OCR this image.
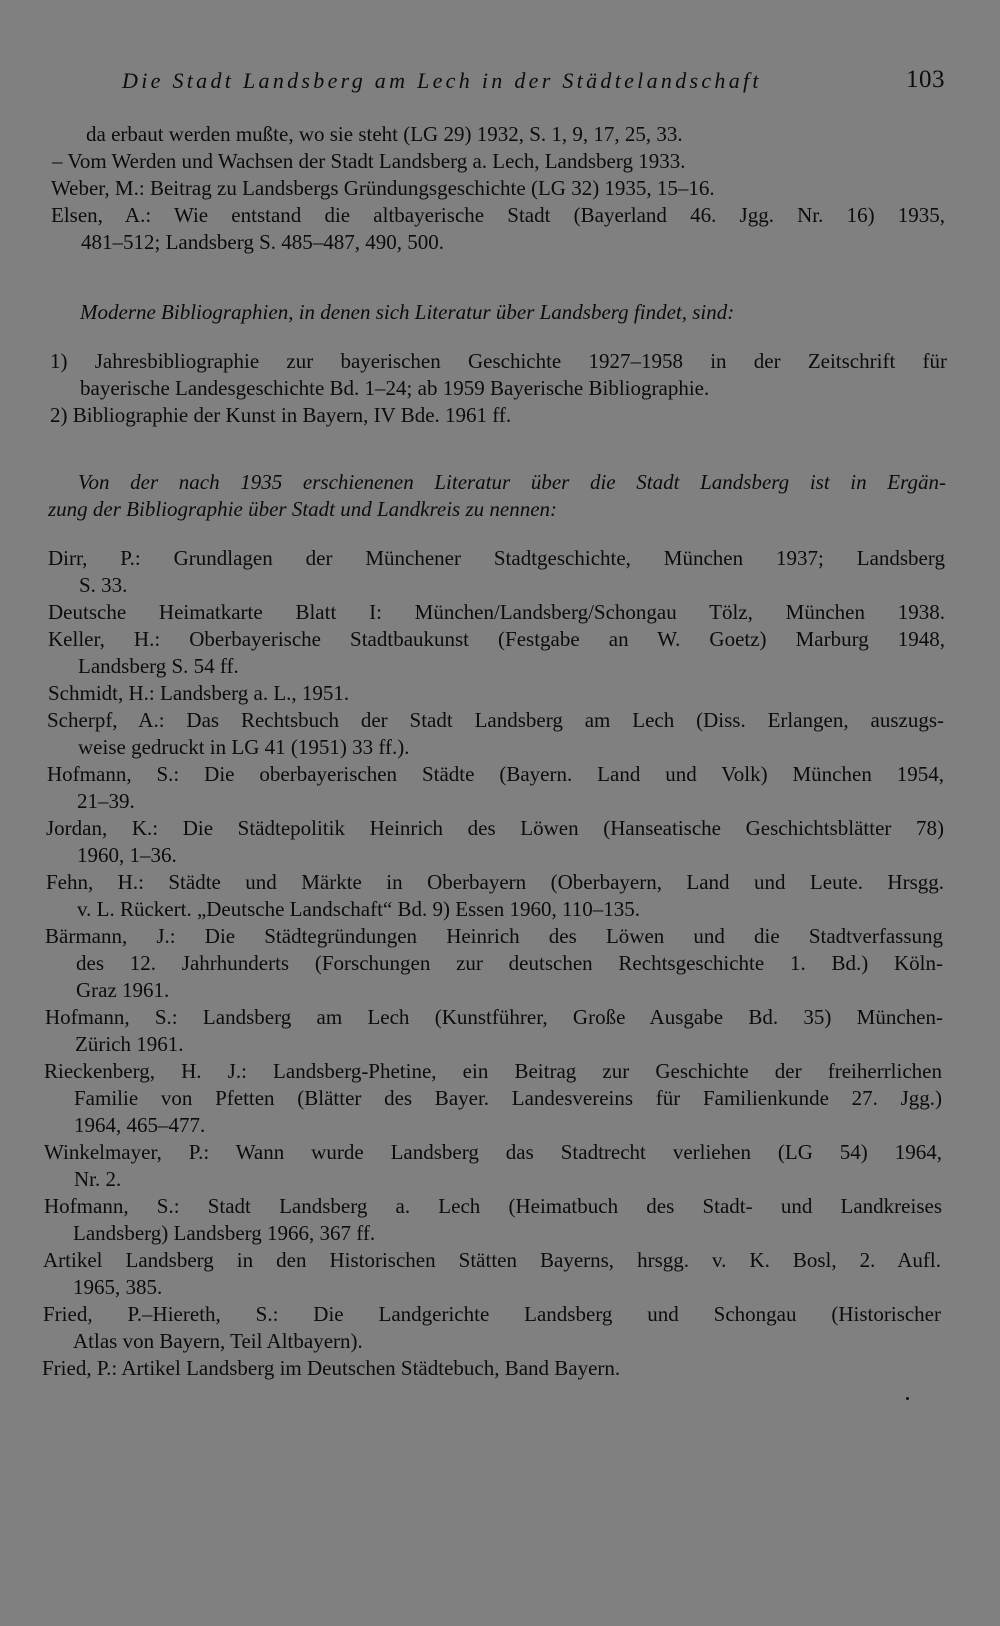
Die Stadt Landsberg am Lech in der Städtelandschaft	103
da erbaut werden mußte, wo sie steht (LG 29) 1932, S. 1, 9, 17, 25, 33.
– Vom Werden und Wachsen der Stadt Landsberg a. Lech, Landsberg 1933.
Weber, M.: Beitrag zu Landsbergs Gründungsgeschichte (LG 32) 1935, 15–16.
Elsen, A.: Wie entstand die altbayerische Stadt (Bayerland 46. Jgg. Nr. 16) 1935,
481–512; Landsberg S. 485–487, 490, 500.
Moderne Bibliographien, in denen sich Literatur über Landsberg findet, sind:
1) Jahresbibliographie zur bayerischen Geschichte 1927–1958 in der Zeitschrift für
bayerische Landesgeschichte Bd. 1–24; ab 1959 Bayerische Bibliographie.
2) Bibliographie der Kunst in Bayern, IV Bde. 1961 ff.
Von der nach 1935 erschienenen Literatur über die Stadt Landsberg ist in Ergän-
zung der Bibliographie über Stadt und Landkreis zu nennen:
Dirr, P.: Grundlagen der Münchener Stadtgeschichte, München 1937; Landsberg
S. 33.
Deutsche Heimatkarte Blatt I: München/Landsberg/Schongau Tölz, München 1938.
Keller, H.: Oberbayerische Stadtbaukunst (Festgabe an W. Goetz) Marburg 1948,
Landsberg S. 54 ff.
Schmidt, H.: Landsberg a. L., 1951.
Scherpf, A.: Das Rechtsbuch der Stadt Landsberg am Lech (Diss. Erlangen, auszugs-
weise gedruckt in LG 41 (1951) 33 ff.).
Hofmann, S.: Die oberbayerischen Städte (Bayern. Land und Volk) München 1954,
21–39.
Jordan, K.: Die Städtepolitik Heinrich des Löwen (Hanseatische Geschichtsblätter 78)
1960, 1–36.
Fehn, H.: Städte und Märkte in Oberbayern (Oberbayern, Land und Leute. Hrsgg.
v. L. Rückert. „Deutsche Landschaft“ Bd. 9) Essen 1960, 110–135.
Bärmann, J.: Die Städtegründungen Heinrich des Löwen und die Stadtverfassung
des 12. Jahrhunderts (Forschungen zur deutschen Rechtsgeschichte 1. Bd.) Köln-
Graz 1961.
Hofmann, S.: Landsberg am Lech (Kunstführer, Große Ausgabe Bd. 35) München-
Zürich 1961.
Rieckenberg, H. J.: Landsberg-Phetine, ein Beitrag zur Geschichte der freiherrlichen
Familie von Pfetten (Blätter des Bayer. Landesvereins für Familienkunde 27. Jgg.)
1964, 465–477.
Winkelmayer, P.: Wann wurde Landsberg das Stadtrecht verliehen (LG 54) 1964,
Nr. 2.
Hofmann, S.: Stadt Landsberg a. Lech (Heimatbuch des Stadt- und Landkreises
Landsberg) Landsberg 1966, 367 ff.
Artikel Landsberg in den Historischen Stätten Bayerns, hrsgg. v. K. Bosl, 2. Aufl.
1965, 385.
Fried, P.–Hiereth, S.: Die Landgerichte Landsberg und Schongau (Historischer
Atlas von Bayern, Teil Altbayern).
Fried, P.: Artikel Landsberg im Deutschen Städtebuch, Band Bayern.
